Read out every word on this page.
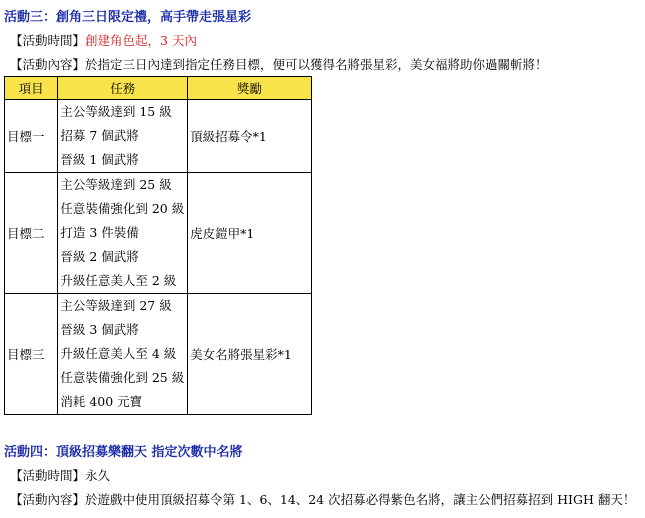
活動三：創角三日限定禮，高手帶走張星彩
【活動時間】創建角色起，3 天內
【活動內容】於指定三日內達到指定任務目標，便可以獲得名將張星彩，美女福將助你過關斬將！
項目	任務	獎勵
目標一	主公等級達到 15 級
招募 7 個武將
晉級 1 個武將	頂級招募令*1
目標二	主公等級達到 25 級
任意裝備強化到 20 級
打造 3 件裝備
晉級 2 個武將
升級任意美人至 2 級	虎皮鎧甲*1
目標三	主公等級達到 27 級
晉級 3 個武將
升級任意美人至 4 級
任意裝備強化到 25 級
消耗 400 元寶	美女名將張星彩*1
活動四：頂級招募樂翻天 指定次數中名將
【活動時間】永久
【活動內容】於遊戲中使用頂級招募令第 1、6、14、24 次招募必得紫色名將，讓主公們招募招到 HIGH 翻天！
